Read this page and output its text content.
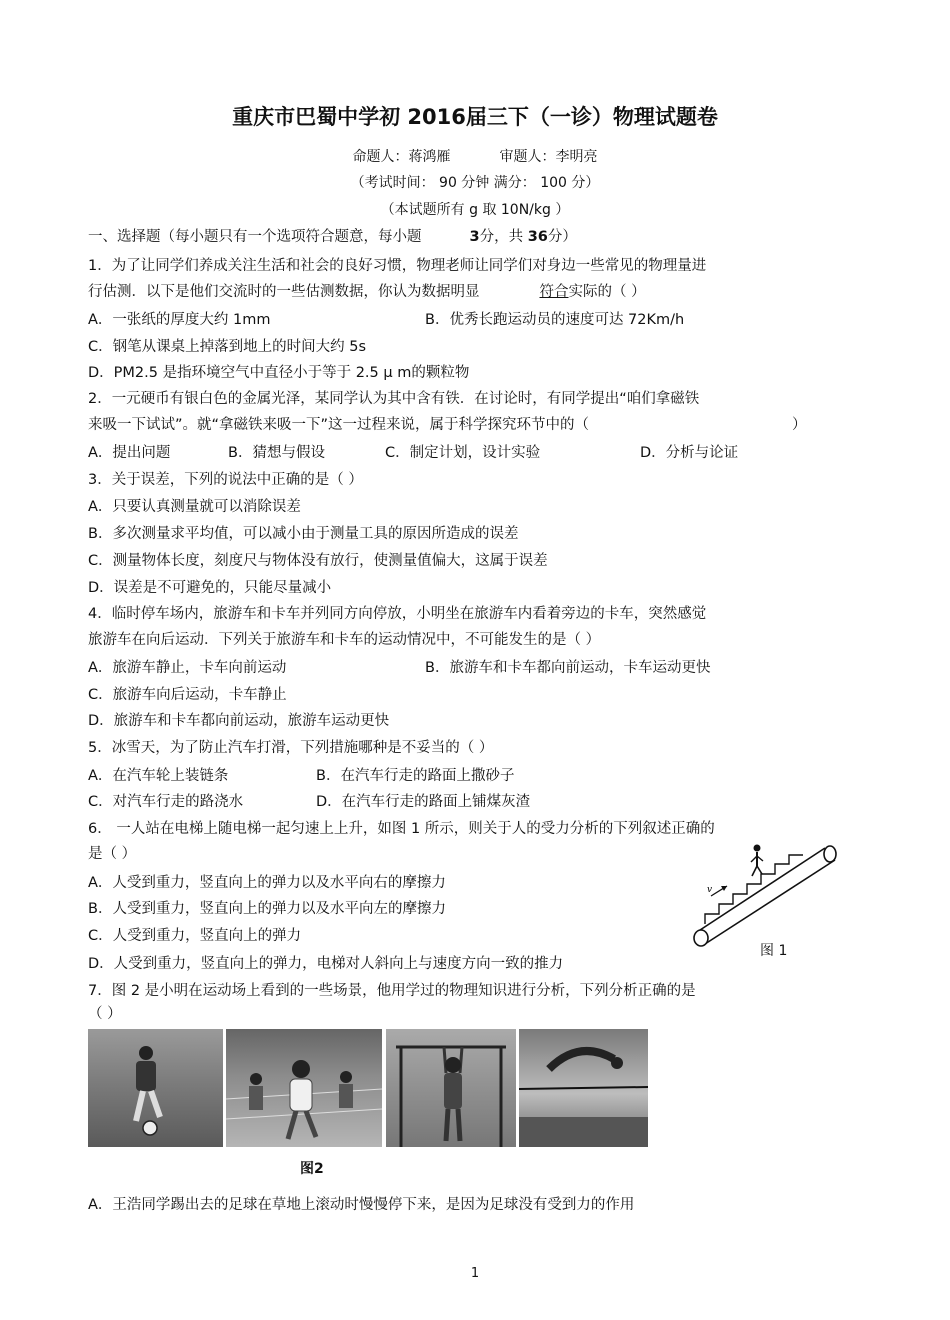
重庆市巴蜀中学初 2016届三下（一诊）物理试题卷
命题人：蒋鸿雁	审题人：李明亮
（考试时间： 90 分钟 满分： 100 分）
（本试题所有 g 取 10N/kg ）
一、选择题（每小题只有一个选项符合题意，每小题	3分，共 36分）
1．为了让同学们养成关注生活和社会的良好习惯，物理老师让同学们对身边一些常见的物理量进
行估测．以下是他们交流时的一些估测数据，你认为数据明显	符合实际的（ ）
A．一张纸的厚度大约 1mm	B．优秀长跑运动员的速度可达 72Km/h
C．钢笔从课桌上掉落到地上的时间大约 5s
D．PM2.5 是指环境空气中直径小于等于 2.5 μ m的颗粒物
2．一元硬币有银白色的金属光泽，某同学认为其中含有铁．在讨论时，有同学提出“咱们拿磁铁
来吸一下试试”。就“拿磁铁来吸一下”这一过程来说，属于科学探究环节中的（	）
A．提出问题	B．猜想与假设	C．制定计划，设计实验	D．分析与论证
3．关于误差，下列的说法中正确的是（ ）
A．只要认真测量就可以消除误差
B．多次测量求平均值，可以减小由于测量工具的原因所造成的误差
C．测量物体长度，刻度尺与物体没有放行，使测量值偏大，这属于误差
D．误差是不可避免的，只能尽量减小
4．临时停车场内，旅游车和卡车并列同方向停放，小明坐在旅游车内看着旁边的卡车，突然感觉
旅游车在向后运动．下列关于旅游车和卡车的运动情况中，不可能发生的是（ ）
A．旅游车静止，卡车向前运动	B．旅游车和卡车都向前运动，卡车运动更快
C．旅游车向后运动，卡车静止
D．旅游车和卡车都向前运动，旅游车运动更快
5．冰雪天，为了防止汽车打滑，下列措施哪种是不妥当的（ ）
A．在汽车轮上装链条	B．在汽车行走的路面上撒砂子
C．对汽车行走的路浇水	D．在汽车行走的路面上铺煤灰渣
6． 一人站在电梯上随电梯一起匀速上上升，如图 1 所示，则关于人的受力分析的下列叙述正确的
是（ ）
A．人受到重力，竖直向上的弹力以及水平向右的摩擦力
B．人受到重力，竖直向上的弹力以及水平向左的摩擦力
C．人受到重力，竖直向上的弹力
D．人受到重力，竖直向上的弹力，电梯对人斜向上与速度方向一致的推力
v
图 1
7．图 2 是小明在运动场上看到的一些场景，他用学过的物理知识进行分析，下列分析正确的是
（ ）
图2
A．王浩同学踢出去的足球在草地上滚动时慢慢停下来，是因为足球没有受到力的作用
1
